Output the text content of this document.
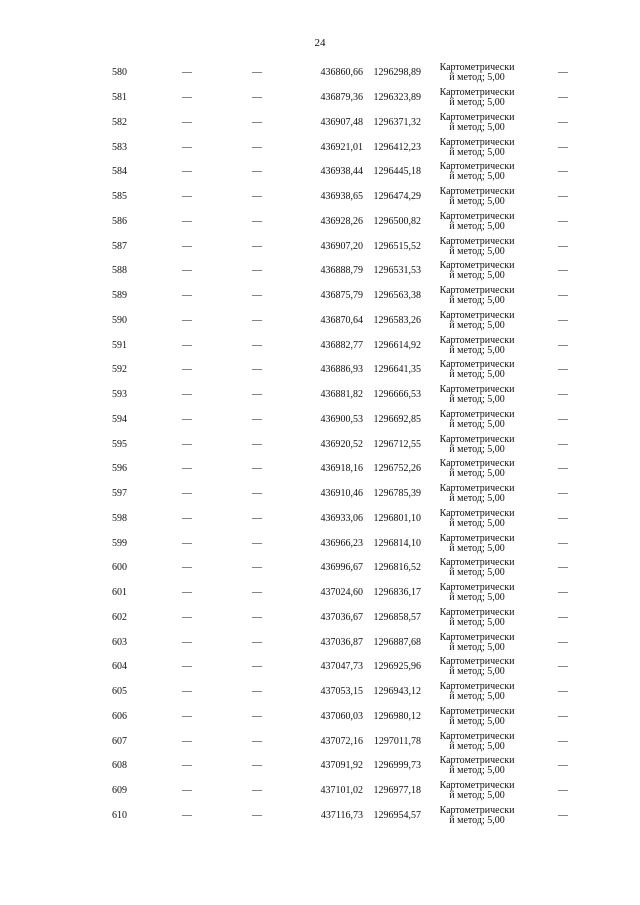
24
580	—	—	436860,66	1296298,89	Картометрически
й метод; 5,00	—
581	—	—	436879,36	1296323,89	Картометрически
й метод; 5,00	—
582	—	—	436907,48	1296371,32	Картометрически
й метод; 5,00	—
583	—	—	436921,01	1296412,23	Картометрически
й метод; 5,00	—
584	—	—	436938,44	1296445,18	Картометрически
й метод; 5,00	—
585	—	—	436938,65	1296474,29	Картометрически
й метод; 5,00	—
586	—	—	436928,26	1296500,82	Картометрически
й метод; 5,00	—
587	—	—	436907,20	1296515,52	Картометрически
й метод; 5,00	—
588	—	—	436888,79	1296531,53	Картометрически
й метод; 5,00	—
589	—	—	436875,79	1296563,38	Картометрически
й метод; 5,00	—
590	—	—	436870,64	1296583,26	Картометрически
й метод; 5,00	—
591	—	—	436882,77	1296614,92	Картометрически
й метод; 5,00	—
592	—	—	436886,93	1296641,35	Картометрически
й метод; 5,00	—
593	—	—	436881,82	1296666,53	Картометрически
й метод; 5,00	—
594	—	—	436900,53	1296692,85	Картометрически
й метод; 5,00	—
595	—	—	436920,52	1296712,55	Картометрически
й метод; 5,00	—
596	—	—	436918,16	1296752,26	Картометрически
й метод; 5,00	—
597	—	—	436910,46	1296785,39	Картометрически
й метод; 5,00	—
598	—	—	436933,06	1296801,10	Картометрически
й метод; 5,00	—
599	—	—	436966,23	1296814,10	Картометрически
й метод; 5,00	—
600	—	—	436996,67	1296816,52	Картометрически
й метод; 5,00	—
601	—	—	437024,60	1296836,17	Картометрически
й метод; 5,00	—
602	—	—	437036,67	1296858,57	Картометрически
й метод; 5,00	—
603	—	—	437036,87	1296887,68	Картометрически
й метод; 5,00	—
604	—	—	437047,73	1296925,96	Картометрически
й метод; 5,00	—
605	—	—	437053,15	1296943,12	Картометрически
й метод; 5,00	—
606	—	—	437060,03	1296980,12	Картометрически
й метод; 5,00	—
607	—	—	437072,16	1297011,78	Картометрически
й метод; 5,00	—
608	—	—	437091,92	1296999,73	Картометрически
й метод; 5,00	—
609	—	—	437101,02	1296977,18	Картометрически
й метод; 5,00	—
610	—	—	437116,73	1296954,57	Картометрически
й метод; 5,00	—
